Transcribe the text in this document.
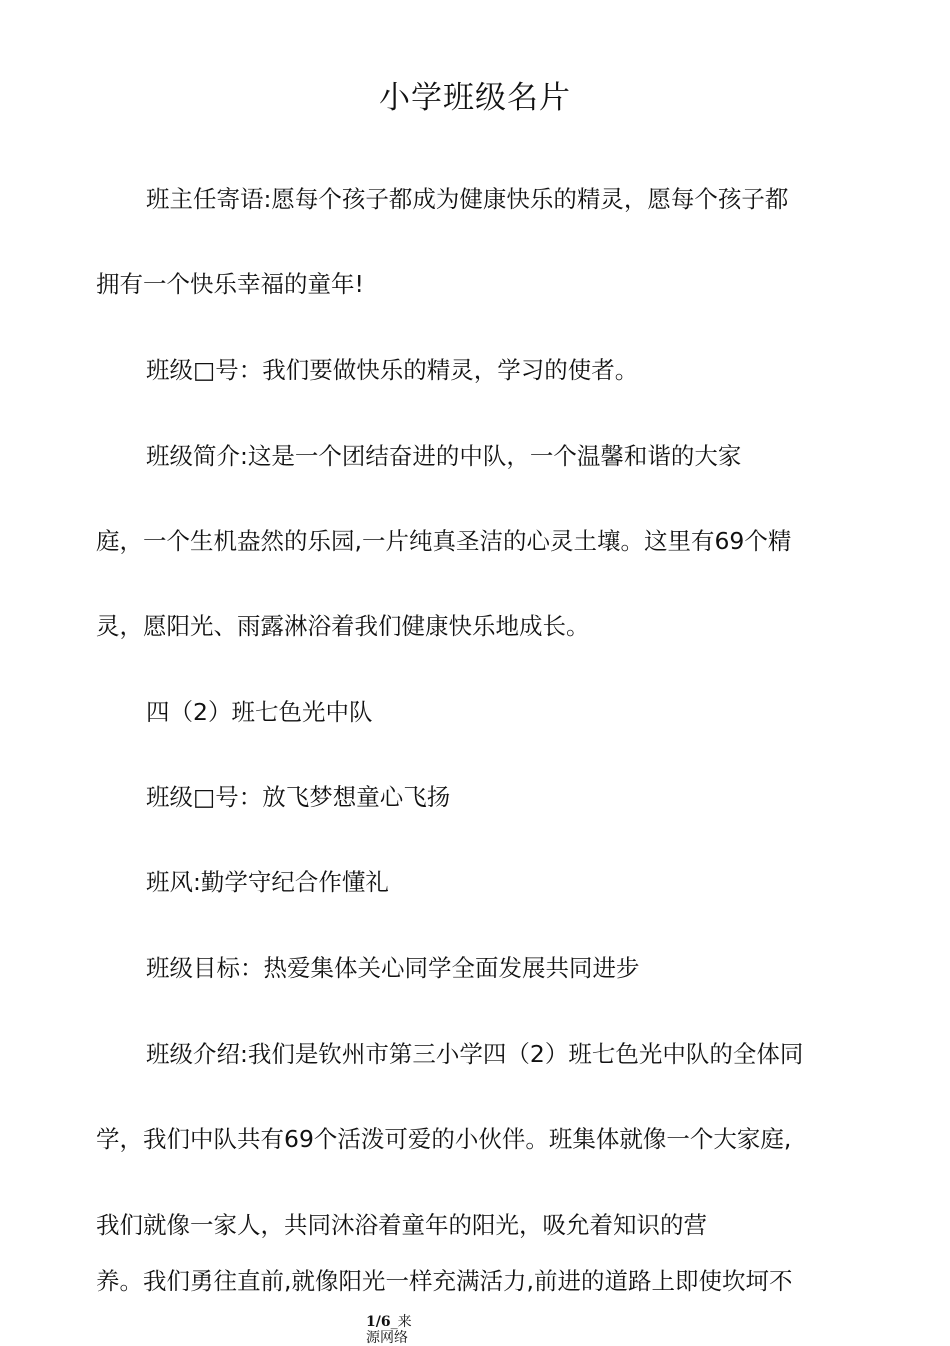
小学班级名片

班主任寄语:愿每个孩子都成为健康快乐的精灵，愿每个孩子都

拥有一个快乐幸福的童年!

班级□号：我们要做快乐的精灵，学习的使者。

班级简介:这是一个团结奋进的中队，一个温馨和谐的大家

庭，一个生机盎然的乐园,一片纯真圣洁的心灵土壤。这里有69个精

灵，愿阳光、雨露淋浴着我们健康快乐地成长。

四（2）班七色光中队

班级□号：放飞梦想童心飞扬

班风:勤学守纪合作懂礼

班级目标：热爱集体关心同学全面发展共同进步

班级介绍:我们是钦州市第三小学四（2）班七色光中队的全体同

学，我们中队共有69个活泼可爱的小伙伴。班集体就像一个大家庭,

我们就像一家人，共同沐浴着童年的阳光，吸允着知识的营

养。我们勇往直前,就像阳光一样充满活力,前进的道路上即使坎坷不

1/6_来
源网络
